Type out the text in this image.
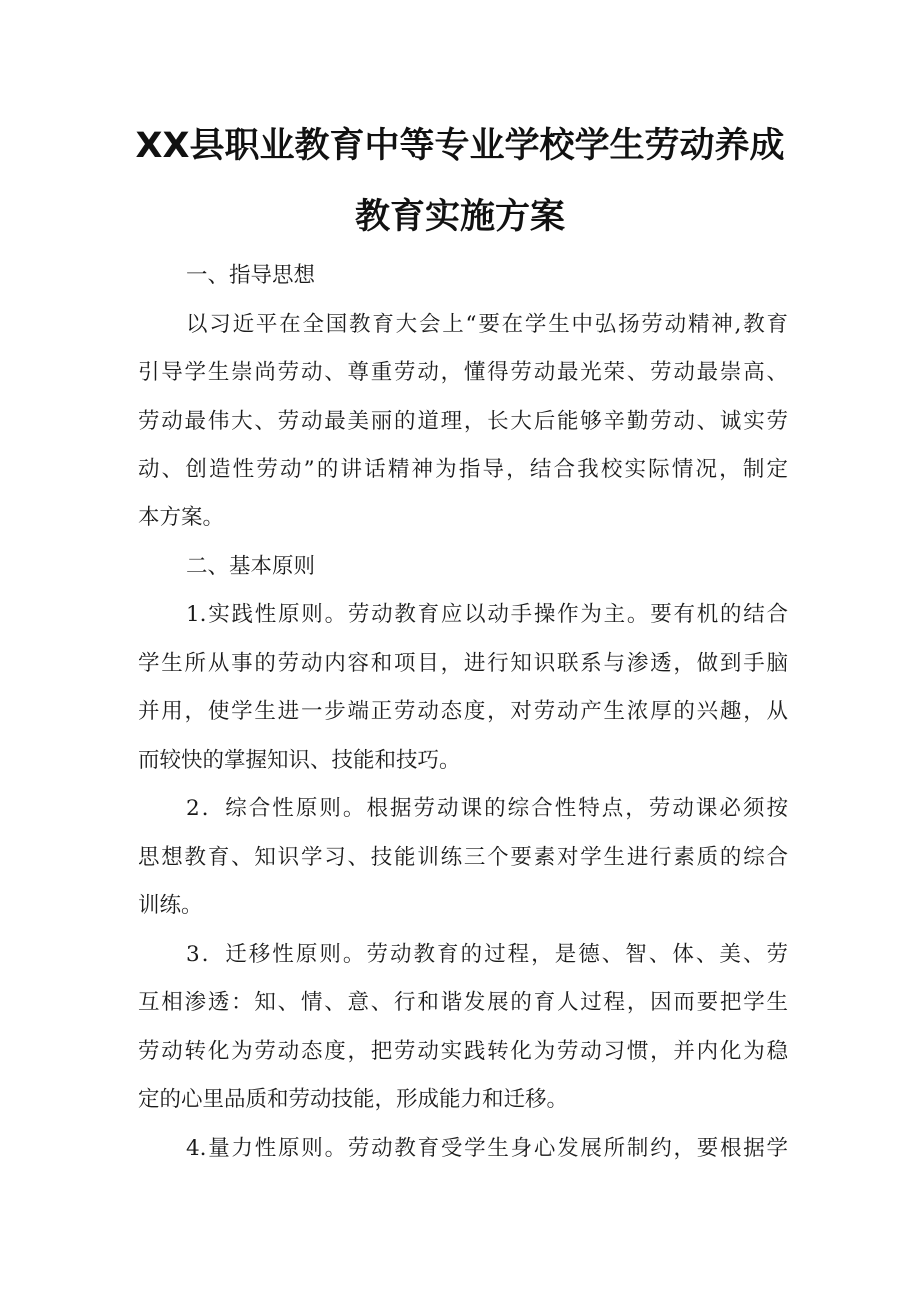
XX县职业教育中等专业学校学生劳动养成
教育实施方案
一、指导思想
以习近平在全国教育大会上“要在学生中弘扬劳动精神,教育
引导学生崇尚劳动、尊重劳动，懂得劳动最光荣、劳动最崇高、
劳动最伟大、劳动最美丽的道理，长大后能够辛勤劳动、诚实劳
动、创造性劳动”的讲话精神为指导，结合我校实际情况，制定
本方案。
二、基本原则
1.实践性原则。劳动教育应以动手操作为主。要有机的结合
学生所从事的劳动内容和项目，进行知识联系与渗透，做到手脑
并用，使学生进一步端正劳动态度，对劳动产生浓厚的兴趣，从
而较快的掌握知识、技能和技巧。
2．综合性原则。根据劳动课的综合性特点，劳动课必须按
思想教育、知识学习、技能训练三个要素对学生进行素质的综合
训练。
3．迁移性原则。劳动教育的过程，是德、智、体、美、劳
互相渗透：知、情、意、行和谐发展的育人过程，因而要把学生
劳动转化为劳动态度，把劳动实践转化为劳动习惯，并内化为稳
定的心里品质和劳动技能，形成能力和迁移。
4.量力性原则。劳动教育受学生身心发展所制约，要根据学
